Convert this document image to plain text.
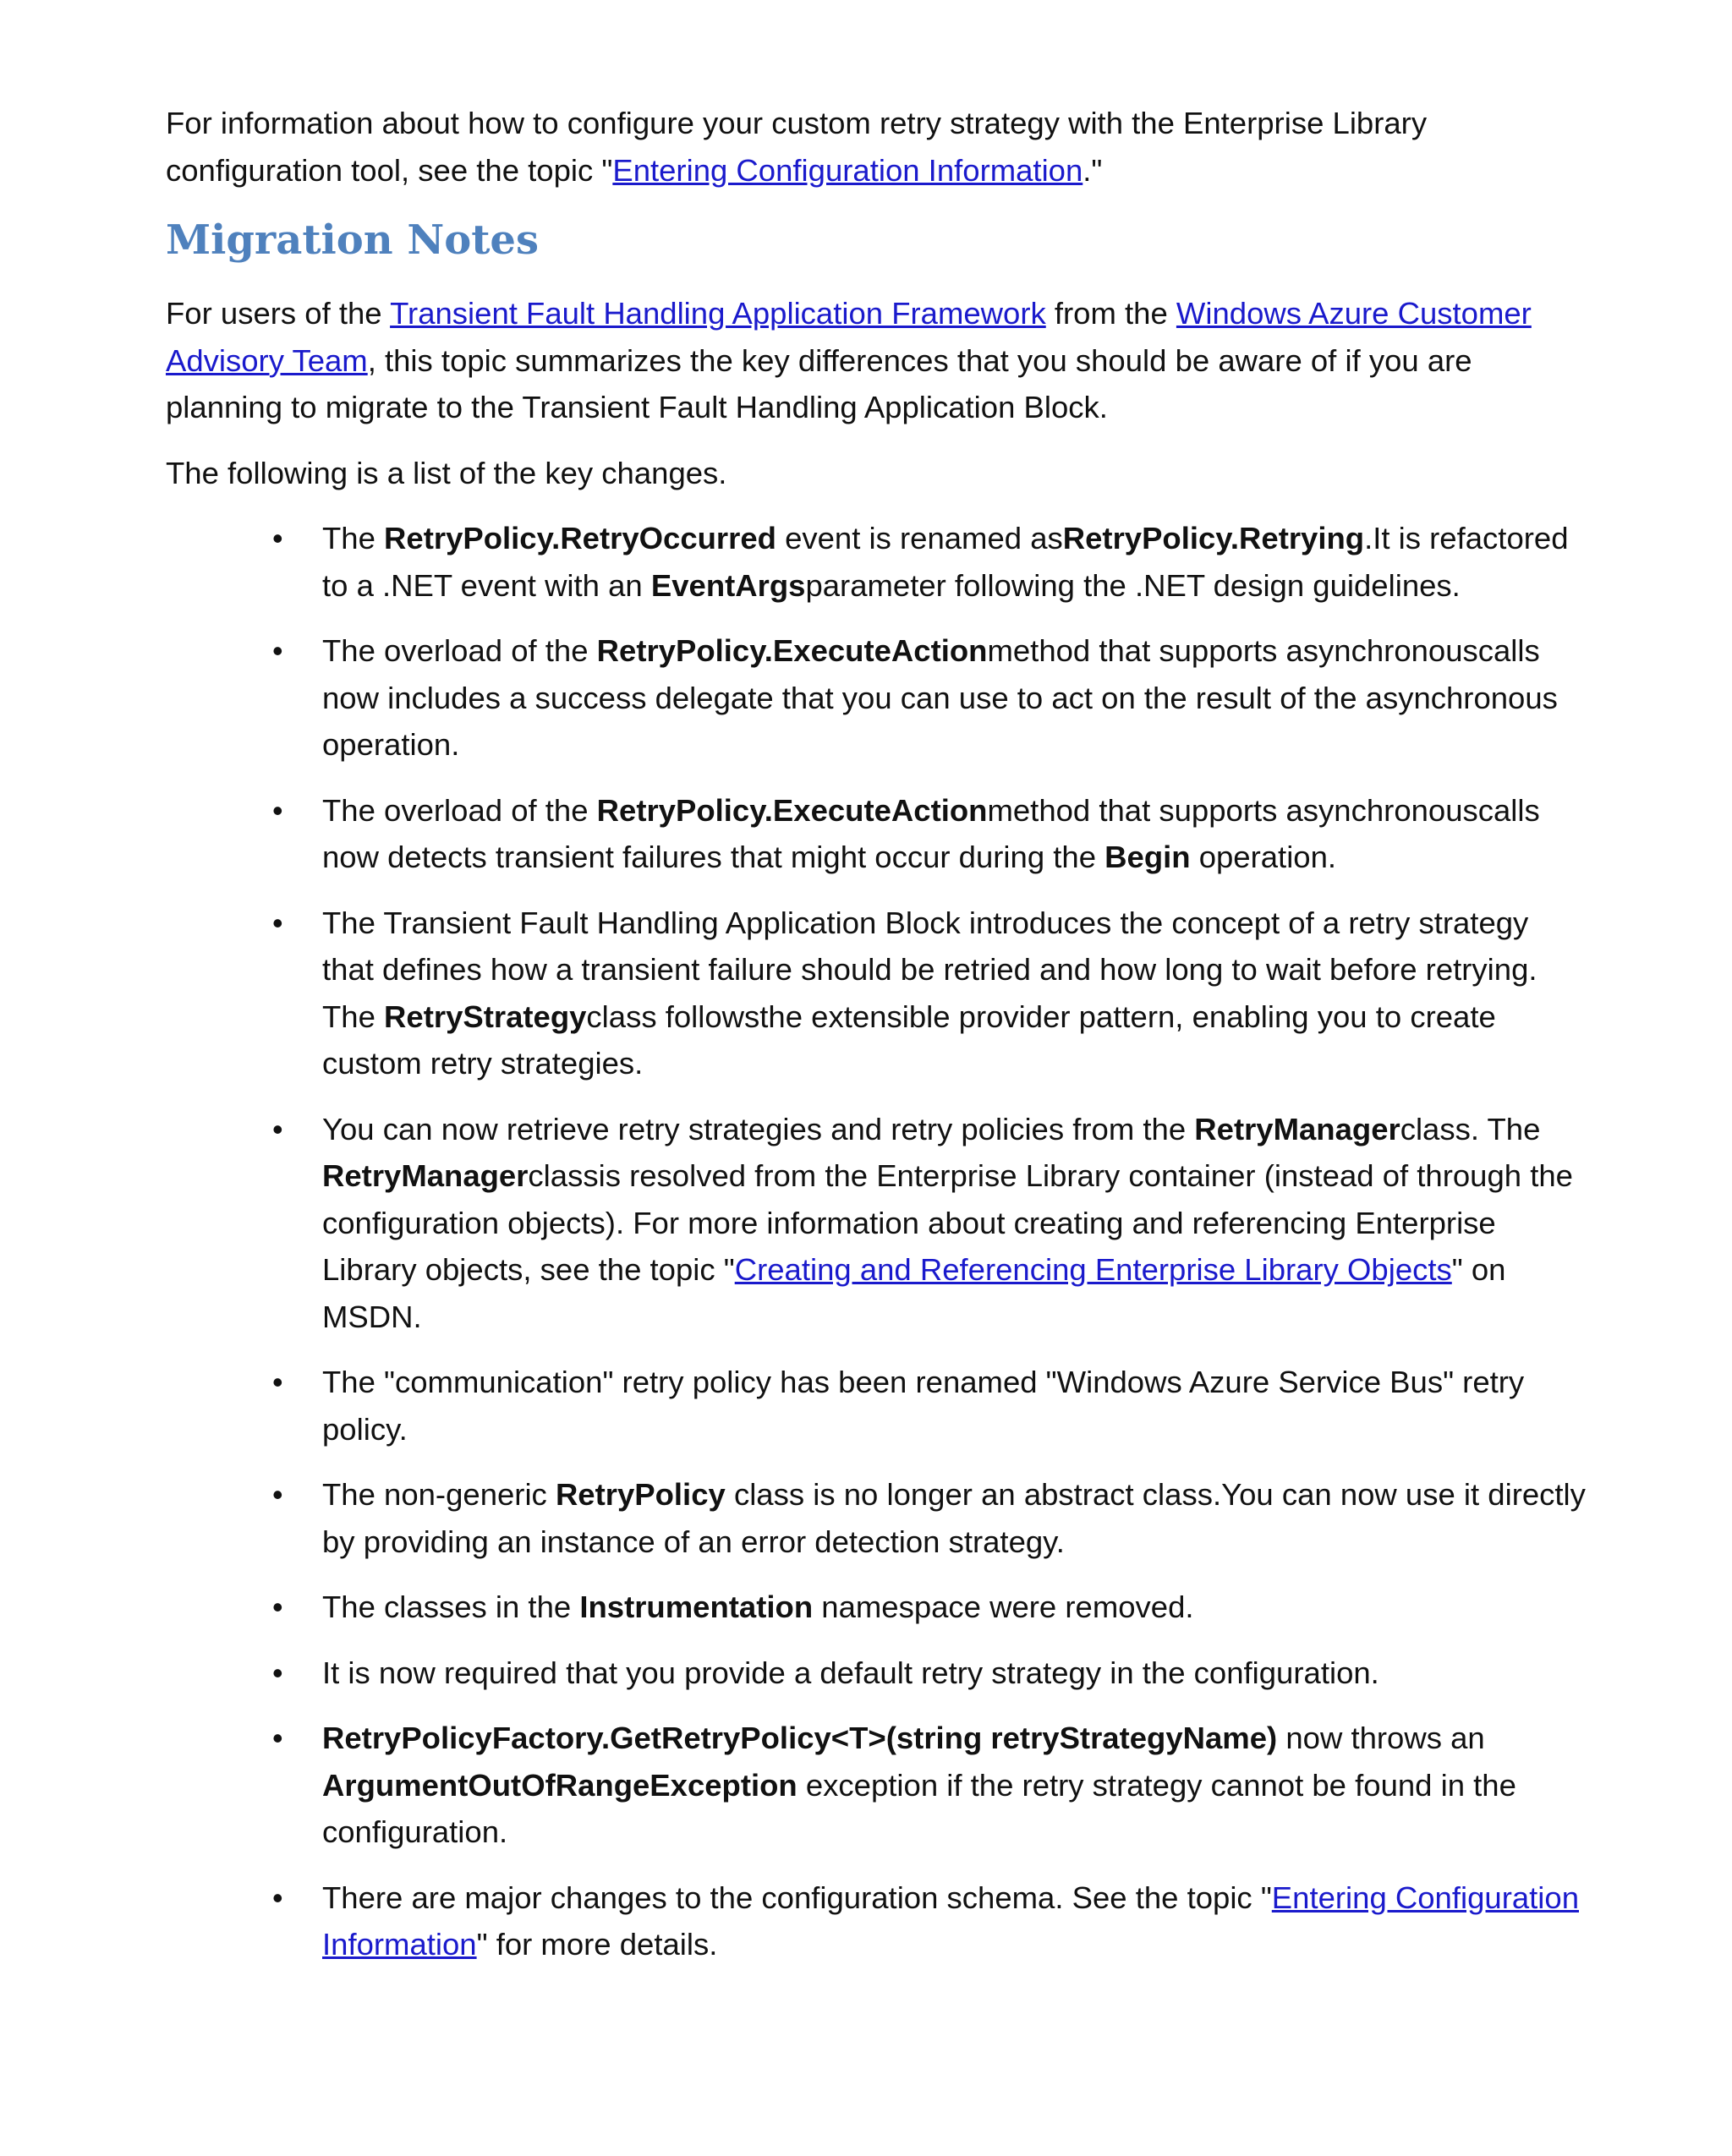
For information about how to configure your custom retry strategy with the Enterprise Library configuration tool, see the topic "Entering Configuration Information."

Migration Notes

For users of the Transient Fault Handling Application Framework from the Windows Azure Customer Advisory Team, this topic summarizes the key differences that you should be aware of if you are planning to migrate to the Transient Fault Handling Application Block.

The following is a list of the key changes.

• The RetryPolicy.RetryOccurred event is renamed asRetryPolicy.Retrying.It is refactored to a .NET event with an EventArgsparameter following the .NET design guidelines.
• The overload of the RetryPolicy.ExecuteActionmethod that supports asynchronouscalls now includes a success delegate that you can use to act on the result of the asynchronous operation.
• The overload of the RetryPolicy.ExecuteActionmethod that supports asynchronouscalls now detects transient failures that might occur during the Begin operation.
• The Transient Fault Handling Application Block introduces the concept of a retry strategy that defines how a transient failure should be retried and how long to wait before retrying. The RetryStrategyclass followsthe extensible provider pattern, enabling you to create custom retry strategies.
• You can now retrieve retry strategies and retry policies from the RetryManagerclass. The RetryManagerclassis resolved from the Enterprise Library container (instead of through the configuration objects). For more information about creating and referencing Enterprise Library objects, see the topic "Creating and Referencing Enterprise Library Objects" on MSDN.
• The "communication" retry policy has been renamed "Windows Azure Service Bus" retry policy.
• The non-generic RetryPolicy class is no longer an abstract class.You can now use it directly by providing an instance of an error detection strategy.
• The classes in the Instrumentation namespace were removed.
• It is now required that you provide a default retry strategy in the configuration.
• RetryPolicyFactory.GetRetryPolicy<T>(string retryStrategyName) now throws an ArgumentOutOfRangeException exception if the retry strategy cannot be found in the configuration.
• There are major changes to the configuration schema. See the topic "Entering Configuration Information" for more details.
